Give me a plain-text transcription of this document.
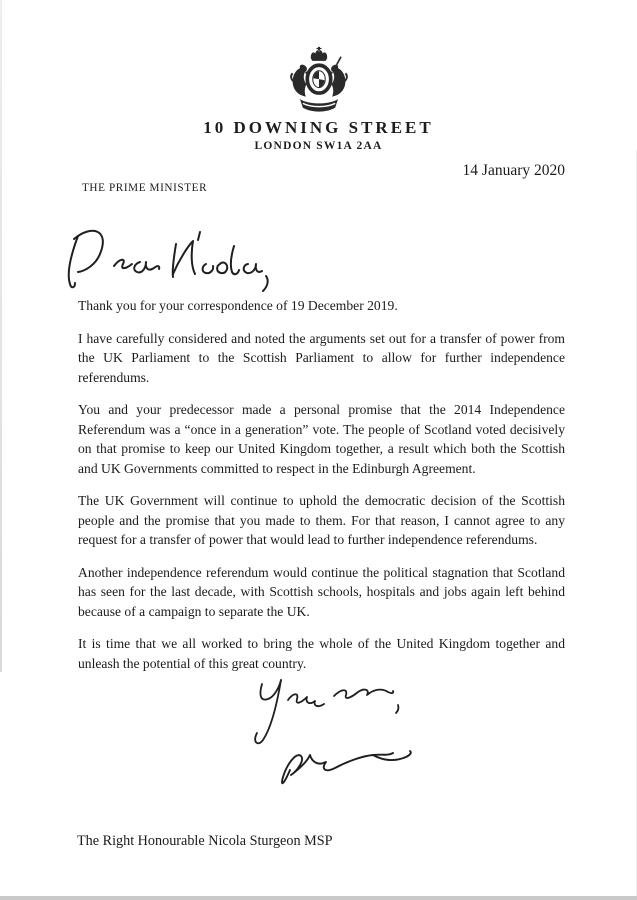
10 DOWNING STREET
LONDON SW1A 2AA
14 January 2020
THE PRIME MINISTER

Thank you for your correspondence of 19 December 2019.

I have carefully considered and noted the arguments set out for a transfer of power from the UK Parliament to the Scottish Parliament to allow for further independence referendums.

You and your predecessor made a personal promise that the 2014 Independence Referendum was a “once in a generation” vote. The people of Scotland voted decisively on that promise to keep our United Kingdom together, a result which both the Scottish and UK Governments committed to respect in the Edinburgh Agreement.

The UK Government will continue to uphold the democratic decision of the Scottish people and the promise that you made to them. For that reason, I cannot agree to any request for a transfer of power that would lead to further independence referendums.

Another independence referendum would continue the political stagnation that Scotland has seen for the last decade, with Scottish schools, hospitals and jobs again left behind because of a campaign to separate the UK.

It is time that we all worked to bring the whole of the United Kingdom together and unleash the potential of this great country.

The Right Honourable Nicola Sturgeon MSP
